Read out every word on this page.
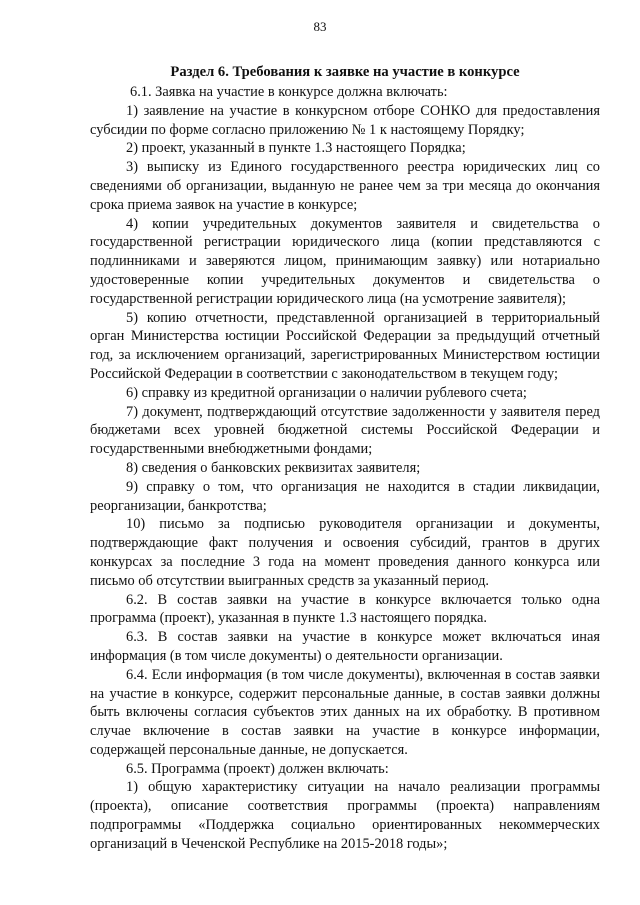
83
Раздел 6. Требования к заявке на участие в конкурсе

6.1. Заявка на участие в конкурсе должна включать:

1) заявление на участие в конкурсном отборе СОНКО для предоставления субсидии по форме согласно приложению № 1 к настоящему Порядку;

2) проект, указанный в пункте 1.3 настоящего Порядка;

3) выписку из Единого государственного реестра юридических лиц со сведениями об организации, выданную не ранее чем за три месяца до окончания срока приема заявок на участие в конкурсе;

4) копии учредительных документов заявителя и свидетельства о государственной регистрации юридического лица (копии представляются с подлинниками и заверяются лицом, принимающим заявку) или нотариально удостоверенные копии учредительных документов и свидетельства о государственной регистрации юридического лица (на усмотрение заявителя);

5) копию отчетности, представленной организацией в территориальный орган Министерства юстиции Российской Федерации за предыдущий отчетный год, за исключением организаций, зарегистрированных Министерством юстиции Российской Федерации в соответствии с законодательством в текущем году;

6) справку из кредитной организации о наличии рублевого счета;

7) документ, подтверждающий отсутствие задолженности у заявителя перед бюджетами всех уровней бюджетной системы Российской Федерации и государственными внебюджетными фондами;

8) сведения о банковских реквизитах заявителя;

9) справку о том, что организация не находится в стадии ликвидации, реорганизации, банкротства;

10) письмо за подписью руководителя организации и документы, подтверждающие факт получения и освоения субсидий, грантов в других конкурсах за последние 3 года на момент проведения данного конкурса или письмо об отсутствии выигранных средств за указанный период.

6.2. В состав заявки на участие в конкурсе включается только одна программа (проект), указанная в пункте 1.3 настоящего порядка.

6.3. В состав заявки на участие в конкурсе может включаться иная информация (в том числе документы) о деятельности организации.

6.4. Если информация (в том числе документы), включенная в состав заявки на участие в конкурсе, содержит персональные данные, в состав заявки должны быть включены согласия субъектов этих данных на их обработку. В противном случае включение в состав заявки на участие в конкурсе информации, содержащей персональные данные, не допускается.

6.5. Программа (проект) должен включать:

1) общую характеристику ситуации на начало реализации программы (проекта), описание соответствия программы (проекта) направлениям подпрограммы «Поддержка социально ориентированных некоммерческих организаций в Чеченской Республике на 2015-2018 годы»;
